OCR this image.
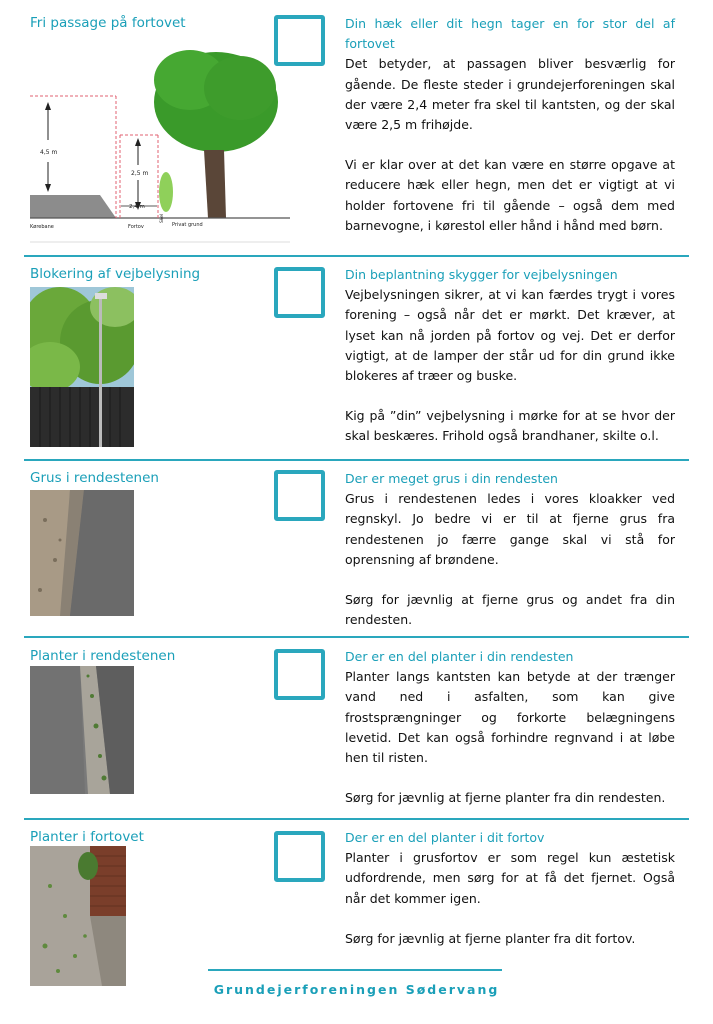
Fri passage på fortovet
4,5 m
2,5 m
2,4 m
Kørebane	Fortov
Skel
Privat grund
Din hæk eller dit hegn tager en for stor del af fortovet

Det betyder, at passagen bliver besværlig for gående. De fleste steder i grundejerforeningen skal der være 2,4 meter fra skel til kantsten, og der skal være 2,5 m frihøjde.

Vi er klar over at det kan være en større opgave at reducere hæk eller hegn, men det er vigtigt at vi holder fortovene fri til gående – også dem med barnevogne, i kørestol eller hånd i hånd med børn.

Blokering af vejbelysning	Din beplantning skygger for vejbelysningen

Vejbelysningen sikrer, at vi kan færdes trygt i vores forening – også når det er mørkt. Det kræver, at lyset kan nå jorden på fortov og vej. Det er derfor vigtigt, at de lamper der står ud for din grund ikke blokeres af træer og buske.

Kig på ”din” vejbelysning i mørke for at se hvor der skal beskæres. Frihold også brandhaner, skilte o.l.

Grus i rendestenen	Der er meget grus i din rendesten

Grus i rendestenen ledes i vores kloakker ved regnskyl. Jo bedre vi er til at fjerne grus fra rendestenen jo færre gange skal vi stå for oprensning af brøndene.

Sørg for jævnlig at fjerne grus og andet fra din rendesten.

Planter i rendestenen	Der er en del planter i din rendesten

Planter langs kantsten kan betyde at der trænger vand ned i asfalten, som kan give frostsprængninger og forkorte belægningens levetid. Det kan også forhindre regnvand i at løbe hen til risten.

Sørg for jævnlig at fjerne planter fra din rendesten.

Planter i fortovet	Der er en del planter i dit fortov

Planter i grusfortov er som regel kun æstetisk udfordrende, men sørg for at få det fjernet. Også når det kommer igen.

Sørg for jævnlig at fjerne planter fra dit fortov.

Grundejerforeningen Sødervang
